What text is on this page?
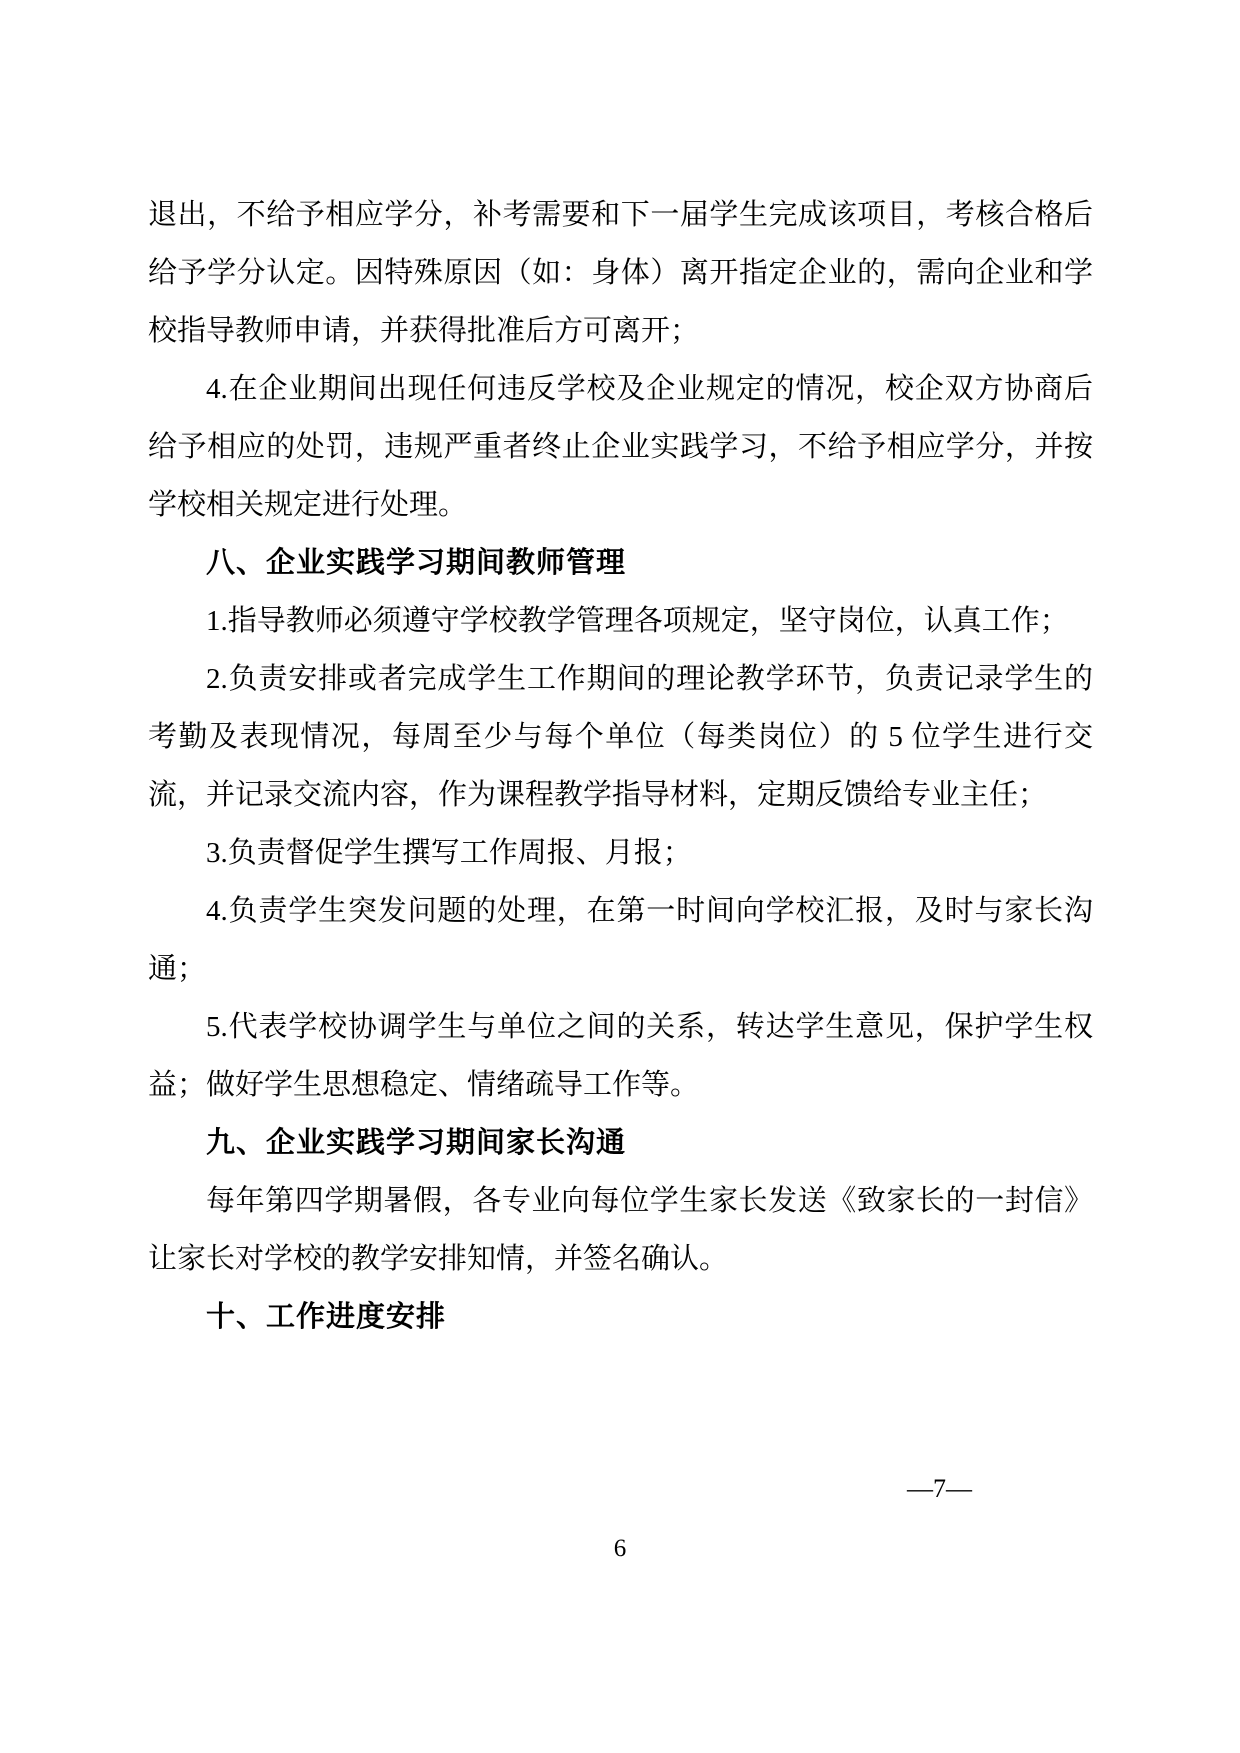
退出，不给予相应学分，补考需要和下一届学生完成该项目，考核合格后给予学分认定。因特殊原因（如：身体）离开指定企业的，需向企业和学校指导教师申请，并获得批准后方可离开；

4.在企业期间出现任何违反学校及企业规定的情况，校企双方协商后给予相应的处罚，违规严重者终止企业实践学习，不给予相应学分，并按学校相关规定进行处理。

八、企业实践学习期间教师管理

1.指导教师必须遵守学校教学管理各项规定，坚守岗位，认真工作；

2.负责安排或者完成学生工作期间的理论教学环节，负责记录学生的考勤及表现情况，每周至少与每个单位（每类岗位）的 5 位学生进行交流，并记录交流内容，作为课程教学指导材料，定期反馈给专业主任；

3.负责督促学生撰写工作周报、月报；

4.负责学生突发问题的处理，在第一时间向学校汇报，及时与家长沟通；

5.代表学校协调学生与单位之间的关系，转达学生意见，保护学生权益；做好学生思想稳定、情绪疏导工作等。

九、企业实践学习期间家长沟通

每年第四学期暑假，各专业向每位学生家长发送《致家长的一封信》让家长对学校的教学安排知情，并签名确认。

十、工作进度安排

—7—
6
